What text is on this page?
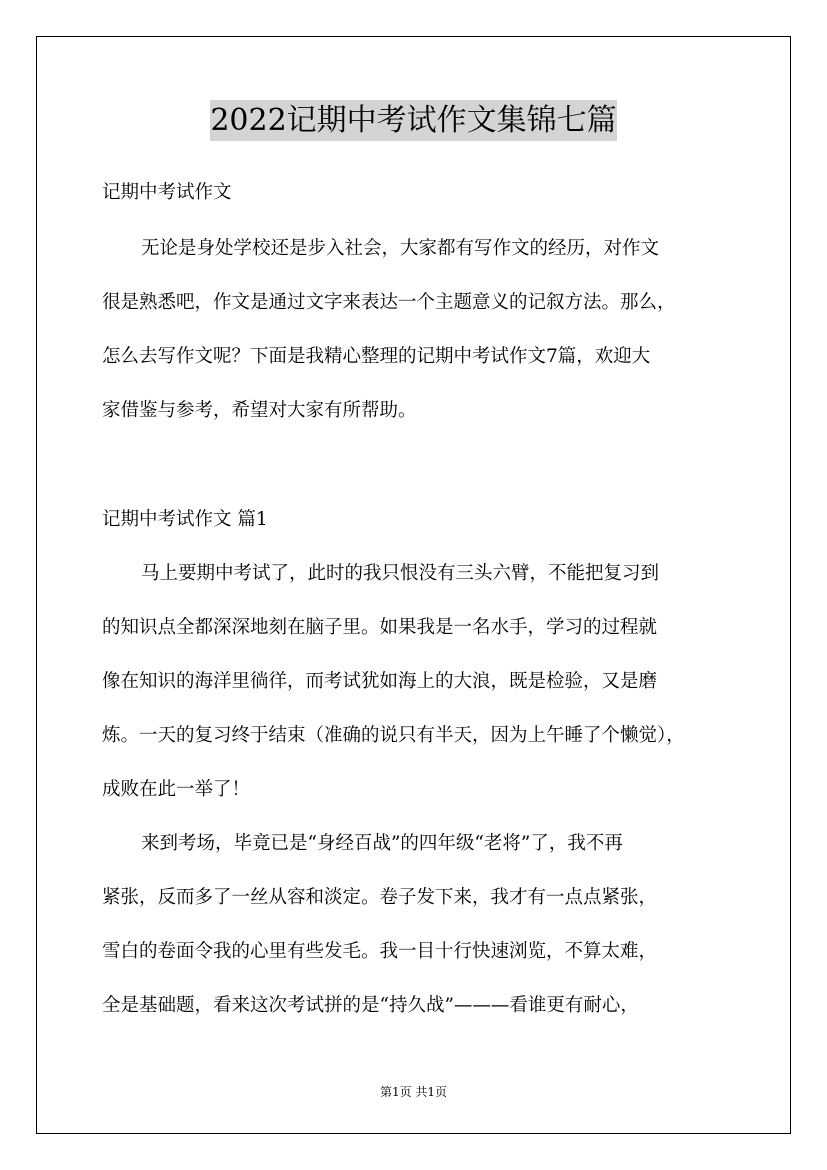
2022记期中考试作文集锦七篇
记期中考试作文
无论是身处学校还是步入社会，大家都有写作文的经历，对作文
很是熟悉吧，作文是通过文字来表达一个主题意义的记叙方法。那么，
怎么去写作文呢？下面是我精心整理的记期中考试作文7篇，欢迎大
家借鉴与参考，希望对大家有所帮助。
记期中考试作文 篇1
马上要期中考试了，此时的我只恨没有三头六臂，不能把复习到
的知识点全都深深地刻在脑子里。如果我是一名水手，学习的过程就
像在知识的海洋里徜徉，而考试犹如海上的大浪，既是检验，又是磨
炼。一天的复习终于结束（准确的说只有半天，因为上午睡了个懒觉），
成败在此一举了！
来到考场，毕竟已是“身经百战”的四年级“老将”了，我不再
紧张，反而多了一丝从容和淡定。卷子发下来，我才有一点点紧张，
雪白的卷面令我的心里有些发毛。我一目十行快速浏览，不算太难，
全是基础题，看来这次考试拼的是“持久战”———看谁更有耐心，
第1页 共1页
